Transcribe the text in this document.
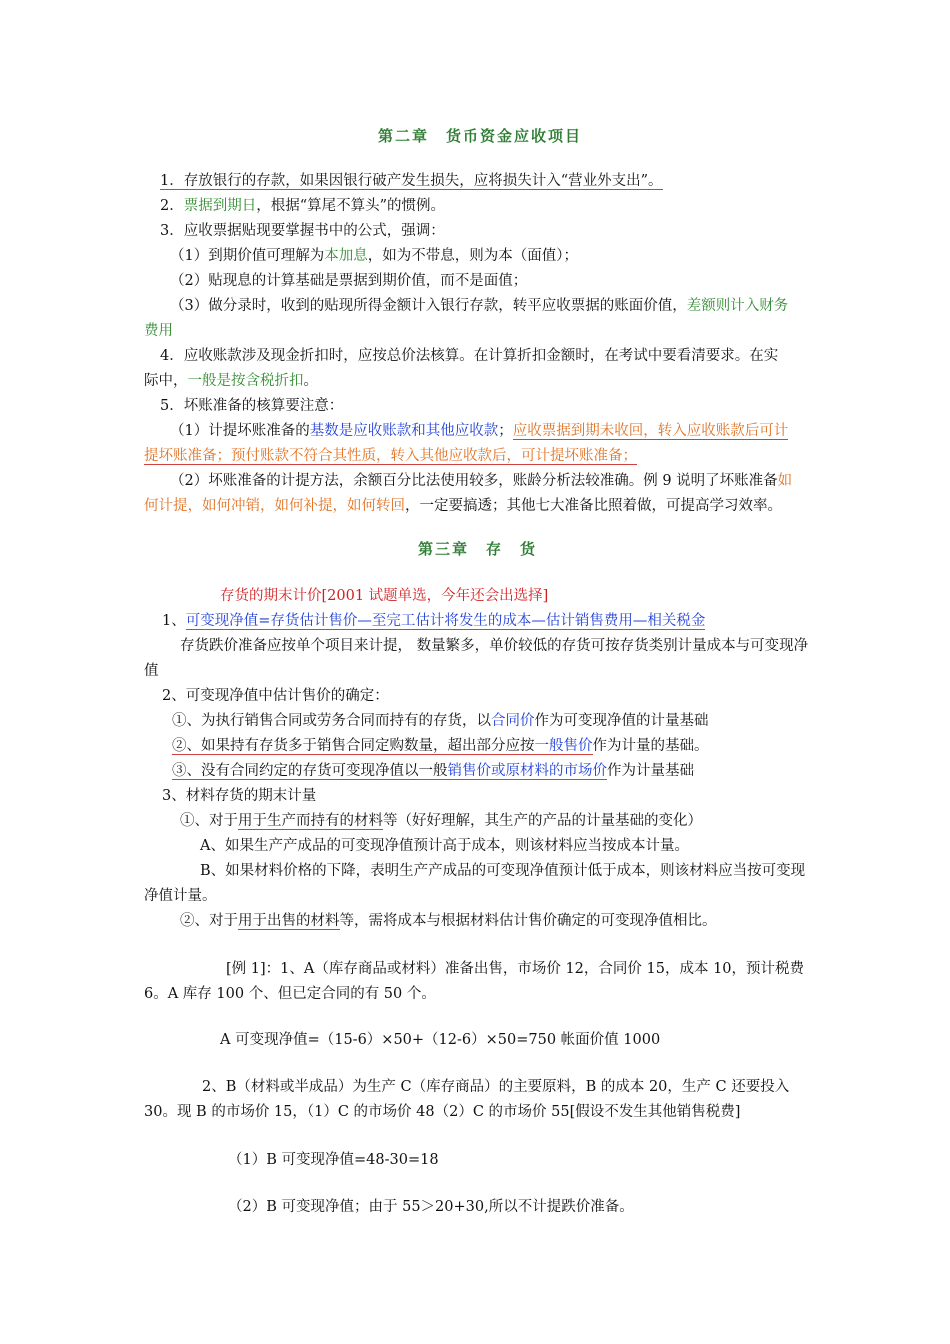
第二章　货币资金应收项目
1．存放银行的存款，如果因银行破产发生损失，应将损失计入“营业外支出”。
2．票据到期日，根据“算尾不算头”的惯例。
3．应收票据贴现要掌握书中的公式，强调：
（1）到期价值可理解为本加息，如为不带息，则为本（面值）；
（2）贴现息的计算基础是票据到期价值，而不是面值；
（3）做分录时，收到的贴现所得金额计入银行存款，转平应收票据的账面价值，差额则计入财务
费用
4．应收账款涉及现金折扣时，应按总价法核算。在计算折扣金额时，在考试中要看清要求。在实
际中，一般是按含税折扣。
5．坏账准备的核算要注意：
（1）计提坏账准备的基数是应收账款和其他应收款；应收票据到期未收回，转入应收账款后可计
提坏账准备；预付账款不符合其性质，转入其他应收款后，可计提坏账准备；
（2）坏账准备的计提方法，余额百分比法使用较多，账龄分析法较准确。例 9 说明了坏账准备如
何计提，如何冲销，如何补提，如何转回，一定要搞透；其他七大准备比照着做，可提高学习效率。
第三章　存　货
存货的期末计价[2001 试题单选，今年还会出选择]
1、可变现净值=存货估计售价—至完工估计将发生的成本—估计销售费用—相关税金
存货跌价准备应按单个项目来计提， 数量繁多，单价较低的存货可按存货类别计量成本与可变现净
值
2、可变现净值中估计售价的确定：
①、为执行销售合同或劳务合同而持有的存货，以合同价作为可变现净值的计量基础
②、如果持有存货多于销售合同定购数量，超出部分应按一般售价作为计量的基础。
③、没有合同约定的存货可变现净值以一般销售价或原材料的市场价作为计量基础
3、材料存货的期末计量
①、对于用于生产而持有的材料等（好好理解，其生产的产品的计量基础的变化）
A、如果生产产成品的可变现净值预计高于成本，则该材料应当按成本计量。
B、如果材料价格的下降，表明生产产成品的可变现净值预计低于成本，则该材料应当按可变现
净值计量。
②、对于用于出售的材料等，需将成本与根据材料估计售价确定的可变现净值相比。
[例 1]：1、A（库存商品或材料）准备出售，市场价 12，合同价 15，成本 10，预计税费
6。A 库存 100 个、但已定合同的有 50 个。
A 可变现净值=（15-6）×50+（12-6）×50=750 帐面价值 1000
2、B（材料或半成品）为生产 C（库存商品）的主要原料，B 的成本 20，生产 C 还要投入
30。现 B 的市场价 15，（1）C 的市场价 48（2）C 的市场价 55[假设不发生其他销售税费]
（1）B 可变现净值=48-30=18
（2）B 可变现净值；由于 55＞20+30,所以不计提跌价准备。
